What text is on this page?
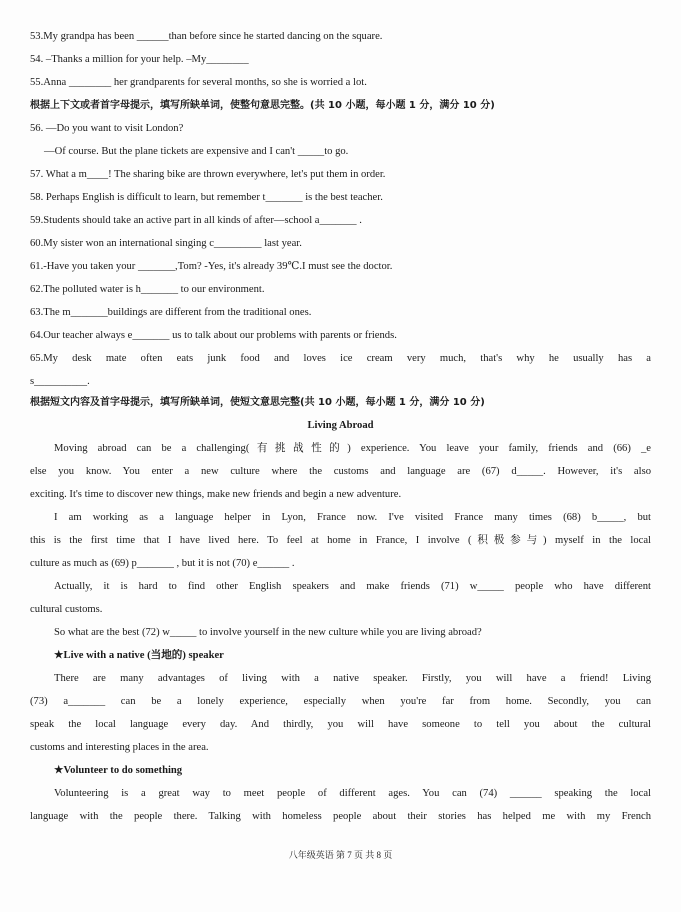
53.My grandpa has been ______than before since he started dancing on the square.
54. –Thanks a million for your help. –My________
55.Anna ________ her grandparents for several months, so she is worried a lot.
根据上下文或者首字母提示，填写所缺单词，使整句意思完整。(共 10 小题，每小题 1 分，满分 10 分)
56. —Do you want to visit London?
—Of course. But the plane tickets are expensive and I can't _____to go.
57. What a m____! The sharing bike are thrown everywhere, let's put them in order.
58. Perhaps English is difficult to learn, but remember t_______ is the best teacher.
59.Students should take an active part in all kinds of after—school a_______ .
60.My sister won an international singing c_________ last year.
61.-Have you taken your _______,Tom? -Yes, it's already 39℃.I must see the doctor.
62.The polluted water is h_______ to our environment.
63.The m_______buildings are different from the traditional ones.
64.Our teacher always e_______ us to talk about our problems with parents or friends.
65.My desk mate often eats junk food and loves ice cream very much, that's why he usually has a
s__________.
根据短文内容及首字母提示，填写所缺单词，使短文意思完整(共 10 小题，每小题 1 分，满分 10 分)
Living Abroad
Moving abroad can be a challenging(有挑战性的) experience. You leave your family, friends and (66) _e
else you know. You enter a new culture where the customs and language are (67) d_____. However, it's also
exciting. It's time to discover new things, make new friends and begin a new adventure.
I am working as a language helper in Lyon, France now. I've visited France many times (68) b_____, but
this is the first time that I have lived here. To feel at home in France, I involve (积极参与) myself in the local
culture as much as (69) p_______ , but it is not (70) e______ .
Actually, it is hard to find other English speakers and make friends (71) w_____ people who have different
cultural customs.
So what are the best (72) w_____ to involve yourself in the new culture while you are living abroad?
★Live with a native (当地的) speaker
There are many advantages of living with a native speaker. Firstly, you will have a friend! Living
(73) a_______ can be a lonely experience, especially when you're far from home. Secondly, you can
speak the local language every day. And thirdly, you will have someone to tell you about the cultural
customs and interesting places in the area.
★Volunteer to do something
Volunteering is a great way to meet people of different ages. You can (74) ______ speaking the local
language with the people there. Talking with homeless people about their stories has helped me with my French
八年级英语 第 7 页 共 8 页
